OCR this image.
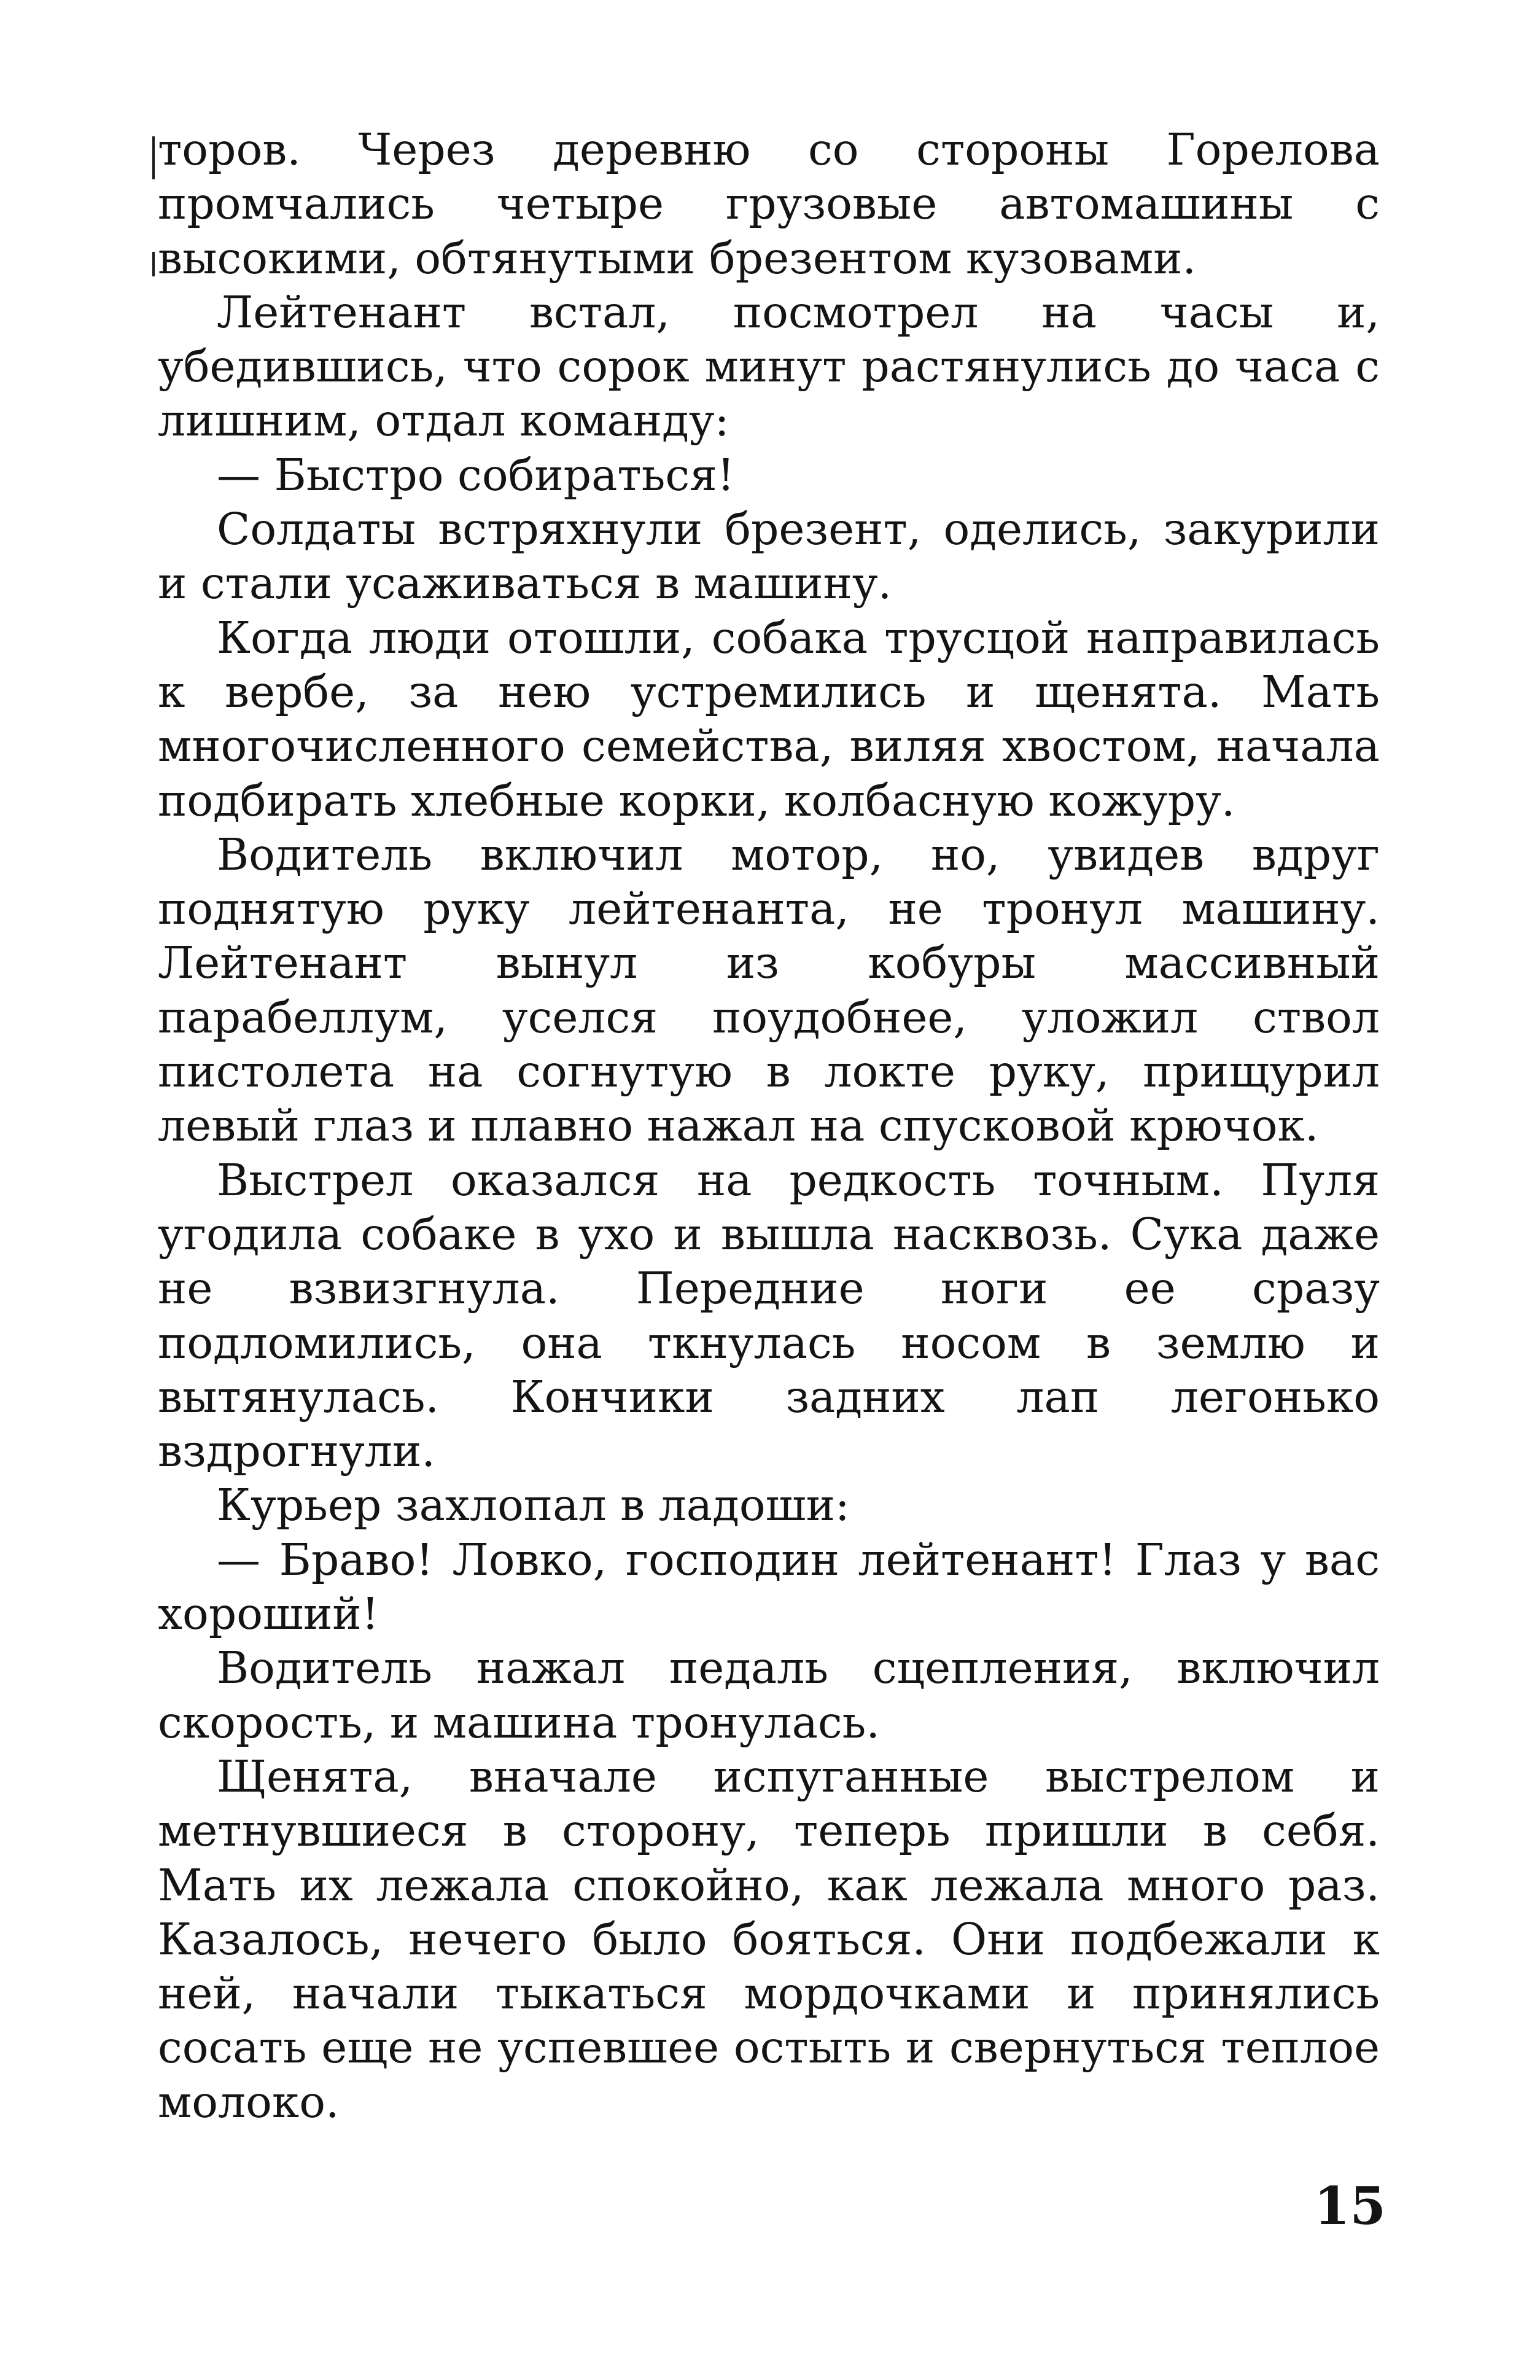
торов. Через деревню со стороны Горелова промчались четыре грузовые автомашины с высокими, обтянутыми брезентом кузовами.

Лейтенант встал, посмотрел на часы и, убедившись, что сорок минут растянулись до часа с лишним, отдал команду:

— Быстро собираться!

Солдаты встряхнули брезент, оделись, закурили и стали усаживаться в машину.

Когда люди отошли, собака трусцой направилась к вербе, за нею устремились и щенята. Мать многочисленного семейства, виляя хвостом, начала подбирать хлебные корки, колбасную кожуру.

Водитель включил мотор, но, увидев вдруг поднятую руку лейтенанта, не тронул машину. Лейтенант вынул из кобуры массивный парабеллум, уселся поудобнее, уложил ствол пистолета на согнутую в локте руку, прищурил левый глаз и плавно нажал на спусковой крючок.

Выстрел оказался на редкость точным. Пуля угодила собаке в ухо и вышла насквозь. Сука даже не взвизгнула. Передние ноги ее сразу подломились, она ткнулась носом в землю и вытянулась. Кончики задних лап легонько вздрогнули.

Курьер захлопал в ладоши:

— Браво! Ловко, господин лейтенант! Глаз у вас хороший!

Водитель нажал педаль сцепления, включил скорость, и машина тронулась.

Щенята, вначале испуганные выстрелом и метнувшиеся в сторону, теперь пришли в себя. Мать их лежала спокойно, как лежала много раз. Казалось, нечего было бояться. Они подбежали к ней, начали тыкаться мордочками и принялись сосать еще не успевшее остыть и свернуться теплое молоко.

15
